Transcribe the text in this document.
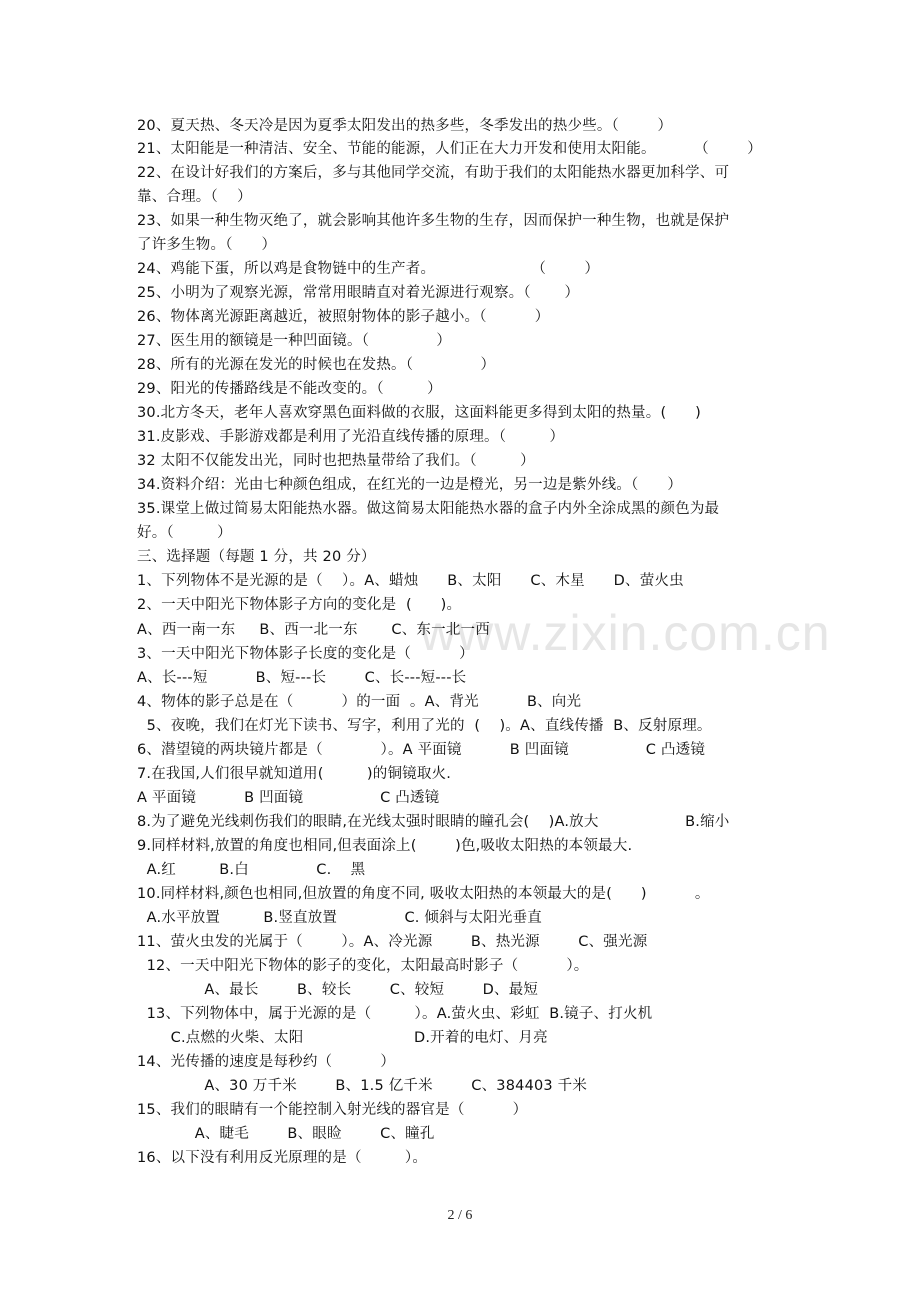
www.zixin.com.cn
20、夏天热、冬天冷是因为夏季太阳发出的热多些，冬季发出的热少些。（        ）
21、太阳能是一种清洁、安全、节能的能源，人们正在大力开发和使用太阳能。        （        ）
22、在设计好我们的方案后，多与其他同学交流，有助于我们的太阳能热水器更加科学、可
靠、合理。（    ）
23、如果一种生物灭绝了，就会影响其他许多生物的生存，因而保护一种生物，也就是保护
了许多生物。（      ）
24、鸡能下蛋，所以鸡是食物链中的生产者。                    （        ）
25、小明为了观察光源，常常用眼睛直对着光源进行观察。（       ）
26、物体离光源距离越近，被照射物体的影子越小。（          ）
27、医生用的额镜是一种凹面镜。（              ）
28、所有的光源在发光的时候也在发热。（              ）
29、阳光的传播路线是不能改变的。（         ）
30.北方冬天，老年人喜欢穿黑色面料做的衣服，这面料能更多得到太阳的热量。(      )
31.皮影戏、手影游戏都是利用了光沿直线传播的原理。（         ）
32 太阳不仅能发出光，同时也把热量带给了我们。（         ）
34.资料介绍：光由七种颜色组成，在红光的一边是橙光，另一边是紫外线。（      ）
35.课堂上做过简易太阳能热水器。做这简易太阳能热水器的盒子内外全涂成黑的颜色为最
好。（         ）
三、选择题（每题 1 分，共 20 分）
1、下列物体不是光源的是（    ）。A、蜡烛      B、太阳      C、木星      D、萤火虫
2、一天中阳光下物体影子方向的变化是  (      )。
A、西一南一东     B、西一北一东       C、东一北一西
3、一天中阳光下物体影子长度的变化是（          ）
A、长---短          B、短---长        C、长---短---长
4、物体的影子总是在（          ）的一面  。A、背光          B、向光
5、夜晚，我们在灯光下读书、写字，利用了光的  (    )。A、直线传播  B、反射原理。
6、潜望镜的两块镜片都是（            ）。A 平面镜          B 凹面镜                C 凸透镜
7.在我国,人们很早就知道用(         )的铜镜取火.
A 平面镜          B 凹面镜                C 凸透镜
8.为了避免光线刺伤我们的眼睛,在光线太强时眼睛的瞳孔会(    )A.放大                  B.缩小
9.同样材料,放置的角度也相同,但表面涂上(        )色,吸收太阳热的本领最大.
A.红         B.白              C.    黑
10.同样材料,颜色也相同,但放置的角度不同, 吸收太阳热的本领最大的是(      )          。
A.水平放置         B.竖直放置              C. 倾斜与太阳光垂直
11、萤火虫发的光属于（        ）。A、冷光源        B、热光源        C、强光源
12、一天中阳光下物体的影子的变化，太阳最高时影子（          ）。
A、最长        B、较长        C、较短        D、最短
13、下列物体中，属于光源的是（         ）。A.萤火虫、彩虹  B.镜子、打火机
C.点燃的火柴、太阳                       D.开着的电灯、月亮
14、光传播的速度是每秒约（          ）
A、30 万千米        B、1.5 亿千米        C、384403 千米
15、我们的眼睛有一个能控制入射光线的器官是（          ）
A、睫毛        B、眼睑        C、瞳孔
16、以下没有利用反光原理的是（         ）。
2 / 6
